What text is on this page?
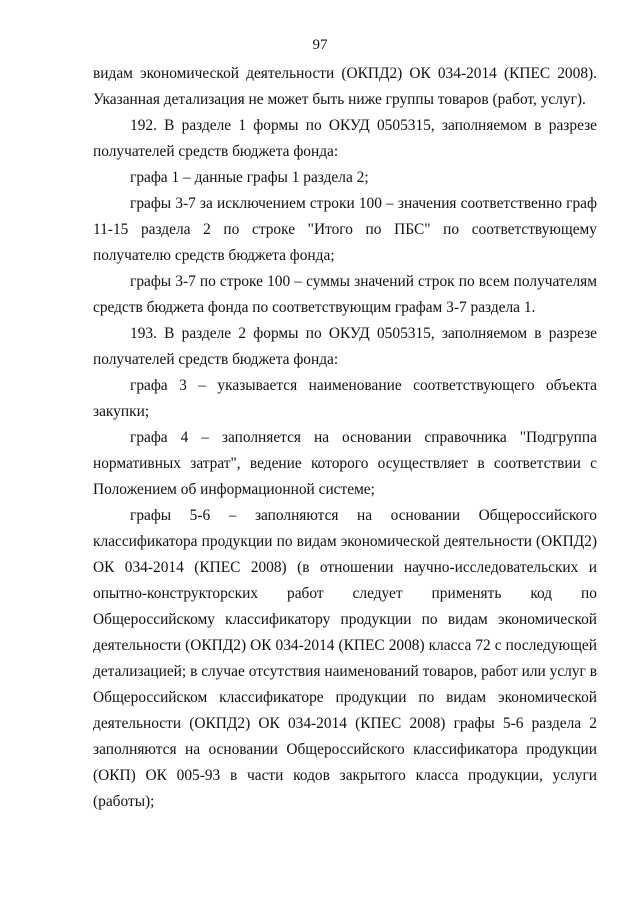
97

видам экономической деятельности (ОКПД2) ОК 034-2014 (КПЕС 2008). Указанная детализация не может быть ниже группы товаров (работ, услуг).

192. В разделе 1 формы по ОКУД 0505315, заполняемом в разрезе получателей средств бюджета фонда:

графа 1 – данные графы 1 раздела 2;

графы 3-7 за исключением строки 100 – значения соответственно граф 11-15 раздела 2 по строке "Итого по ПБС" по соответствующему получателю средств бюджета фонда;

графы 3-7 по строке 100 – суммы значений строк по всем получателям средств бюджета фонда по соответствующим графам 3-7 раздела 1.

193. В разделе 2 формы по ОКУД 0505315, заполняемом в разрезе получателей средств бюджета фонда:

графа 3 – указывается наименование соответствующего объекта закупки;

графа 4 – заполняется на основании справочника "Подгруппа нормативных затрат", ведение которого осуществляет в соответствии с Положением об информационной системе;

графы 5-6 – заполняются на основании Общероссийского классификатора продукции по видам экономической деятельности (ОКПД2) ОК 034-2014 (КПЕС 2008) (в отношении научно-исследовательских и опытно-конструкторских работ следует применять код по Общероссийскому классификатору продукции по видам экономической деятельности (ОКПД2) ОК 034-2014 (КПЕС 2008) класса 72 с последующей детализацией; в случае отсутствия наименований товаров, работ или услуг в Общероссийском классификаторе продукции по видам экономической деятельности (ОКПД2) ОК 034-2014 (КПЕС 2008) графы 5-6 раздела 2 заполняются на основании Общероссийского классификатора продукции (ОКП) ОК 005-93 в части кодов закрытого класса продукции, услуги (работы);
